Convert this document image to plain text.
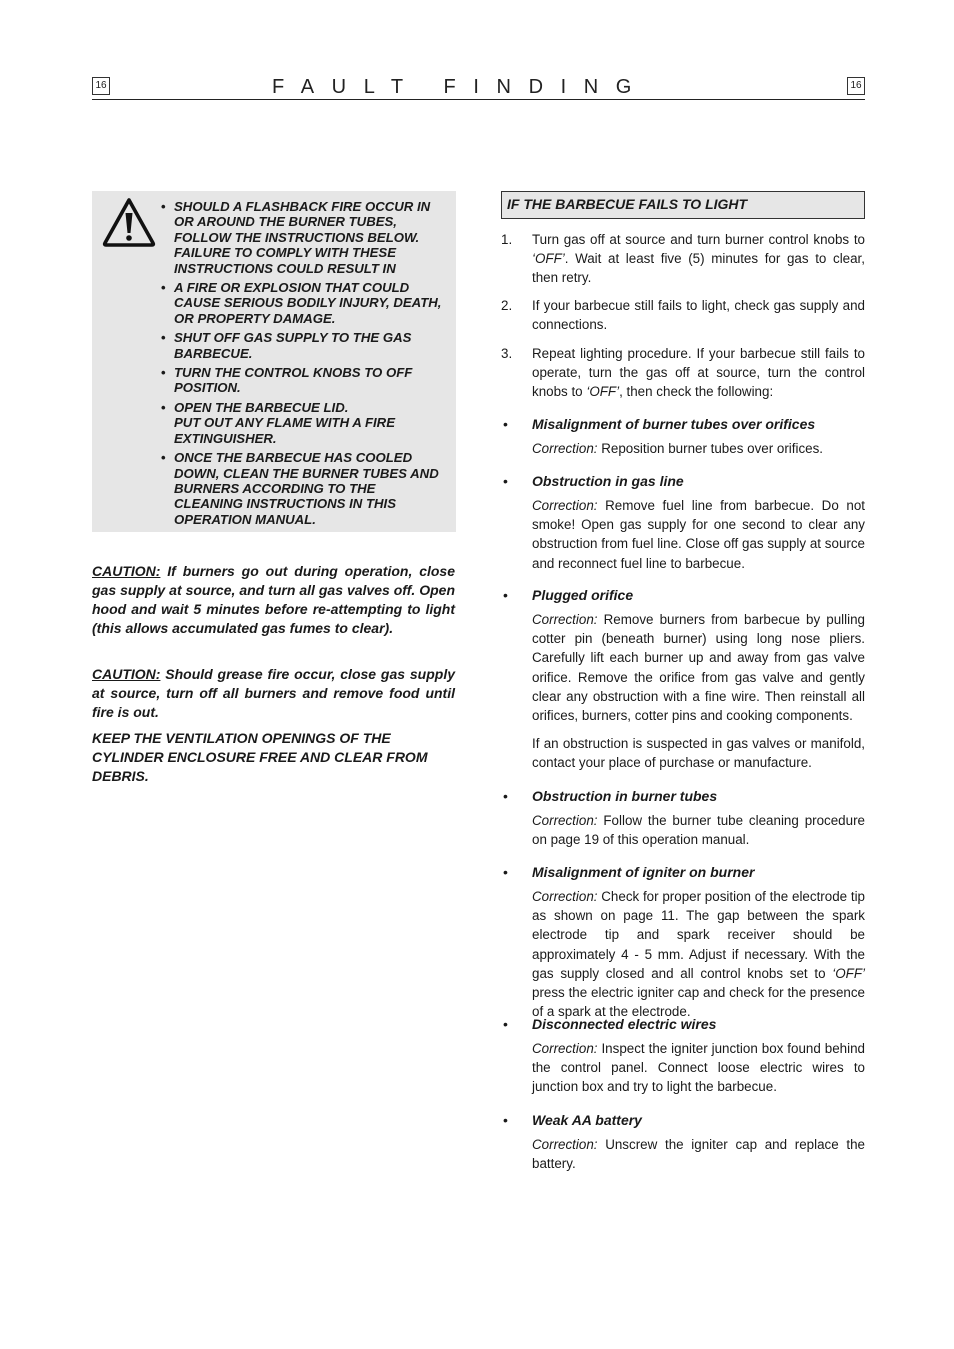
16	FAULT FINDING	16
• SHOULD A FLASHBACK FIRE OCCUR IN OR AROUND THE BURNER TUBES, FOLLOW THE INSTRUCTIONS BELOW. FAILURE TO COMPLY WITH THESE INSTRUCTIONS COULD RESULT IN
• A FIRE OR EXPLOSION THAT COULD CAUSE SERIOUS BODILY INJURY, DEATH, OR PROPERTY DAMAGE.
• SHUT OFF GAS SUPPLY TO THE GAS BARBECUE.
• TURN THE CONTROL KNOBS TO OFF POSITION.
• OPEN THE BARBECUE LID.
PUT OUT ANY FLAME WITH A FIRE EXTINGUISHER.
• ONCE THE BARBECUE HAS COOLED DOWN, CLEAN THE BURNER TUBES AND BURNERS ACCORDING TO THE CLEANING INSTRUCTIONS IN THIS OPERATION MANUAL.

CAUTION: If burners go out during operation, close gas supply at source, and turn all gas valves off. Open hood and wait 5 minutes before re-attempting to light (this allows accumulated gas fumes to clear).

CAUTION: Should grease fire occur, close gas supply at source, turn off all burners and remove food until fire is out.

KEEP THE VENTILATION OPENINGS OF THE CYLINDER ENCLOSURE FREE AND CLEAR FROM DEBRIS.

IF THE BARBECUE FAILS TO LIGHT
1. Turn gas off at source and turn burner control knobs to ‘OFF’. Wait at least five (5) minutes for gas to clear, then retry.
2. If your barbecue still fails to light, check gas supply and connections.
3. Repeat lighting procedure. If your barbecue still fails to operate, turn the gas off at source, turn the control knobs to ‘OFF’, then check the following:
• Misalignment of burner tubes over orifices
Correction: Reposition burner tubes over orifices.
• Obstruction in gas line
Correction: Remove fuel line from barbecue. Do not smoke! Open gas supply for one second to clear any obstruction from fuel line. Close off gas supply at source and reconnect fuel line to barbecue.
• Plugged orifice
Correction: Remove burners from barbecue by pulling cotter pin (beneath burner) using long nose pliers. Carefully lift each burner up and away from gas valve orifice. Remove the orifice from gas valve and gently clear any obstruction with a fine wire. Then reinstall all orifices, burners, cotter pins and cooking components.
If an obstruction is suspected in gas valves or manifold, contact your place of purchase or manufacture.
• Obstruction in burner tubes
Correction: Follow the burner tube cleaning procedure on page 19 of this operation manual.
• Misalignment of igniter on burner
Correction: Check for proper position of the electrode tip as shown on page 11. The gap between the spark electrode tip and spark receiver should be approximately 4 - 5 mm. Adjust if necessary. With the gas supply closed and all control knobs set to ‘OFF’ press the electric igniter cap and check for the presence of a spark at the electrode.
• Disconnected electric wires
Correction: Inspect the igniter junction box found behind the control panel. Connect loose electric wires to junction box and try to light the barbecue.
• Weak AA battery
Correction: Unscrew the igniter cap and replace the battery.
